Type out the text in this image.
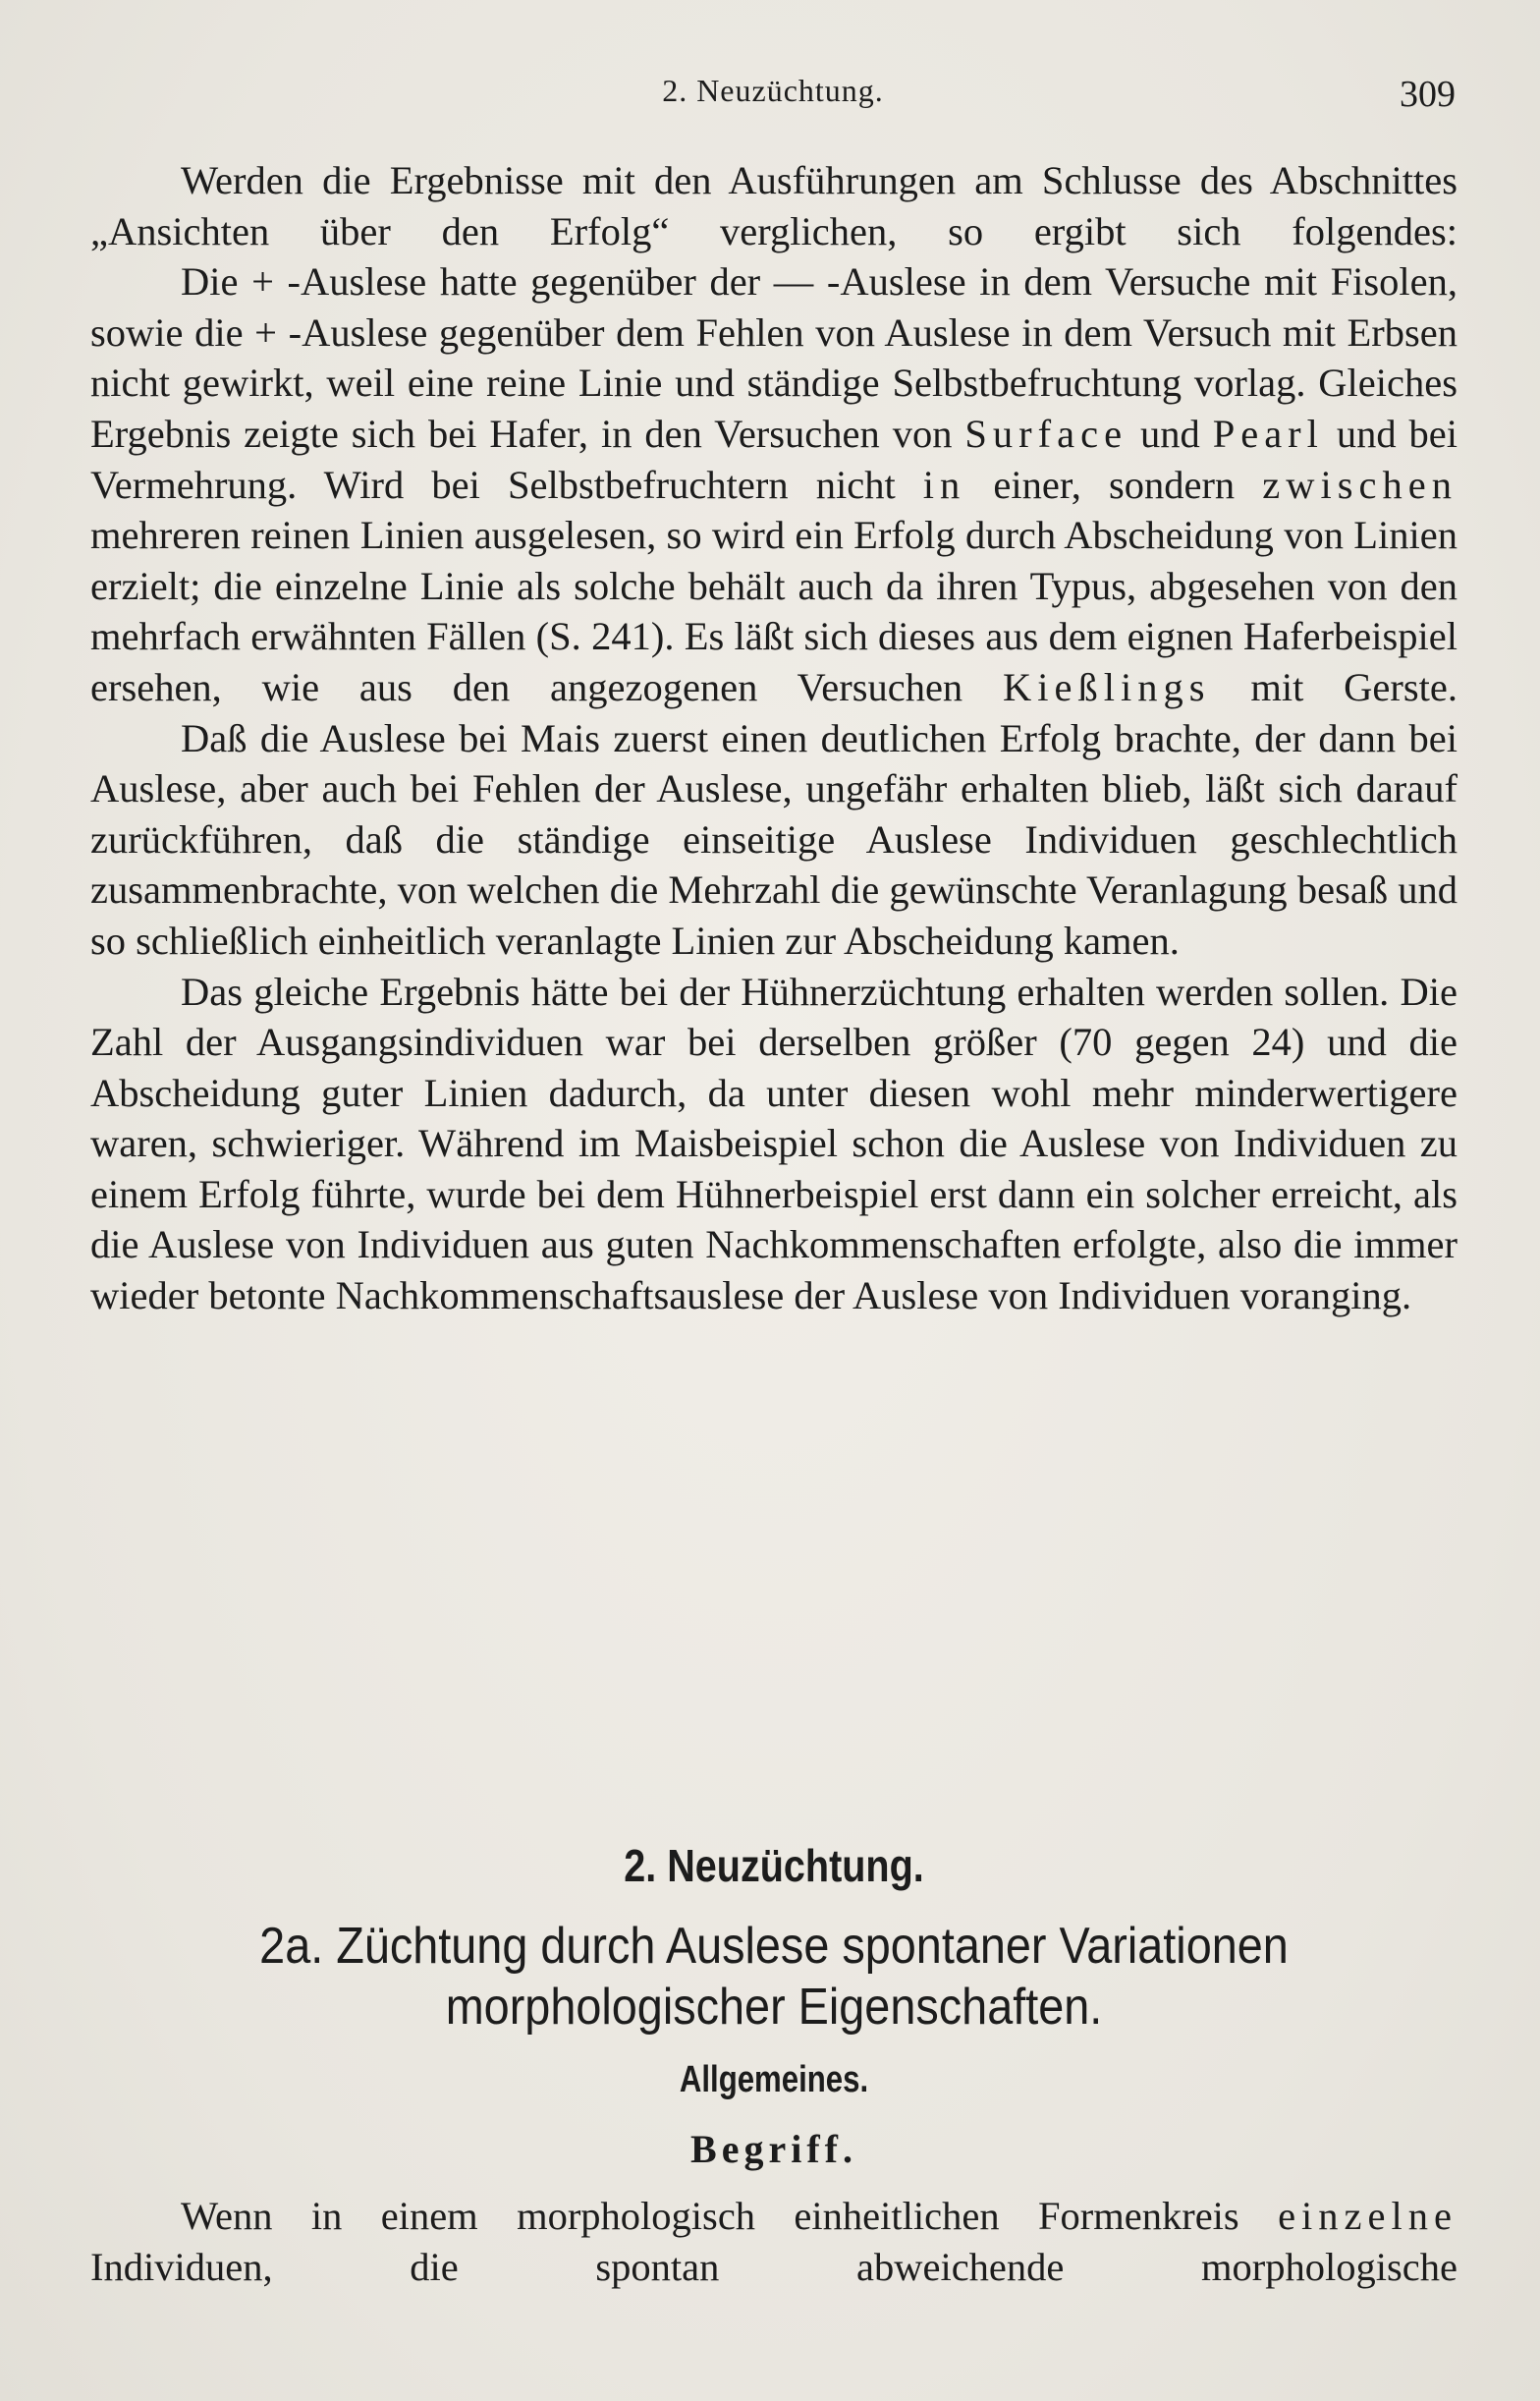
2. Neuzüchtung.	309

Werden die Ergebnisse mit den Ausführungen am Schlusse des Abschnittes „Ansichten über den Erfolg“ verglichen, so ergibt sich folgendes:

Die + -Auslese hatte gegenüber der — -Auslese in dem Versuche mit Fisolen, sowie die + -Auslese gegenüber dem Fehlen von Auslese in dem Versuch mit Erbsen nicht gewirkt, weil eine reine Linie und ständige Selbstbefruchtung vorlag. Gleiches Ergebnis zeigte sich bei Hafer, in den Versuchen von Surface und Pearl und bei Vermehrung. Wird bei Selbstbefruchtern nicht in einer, sondern zwischen mehreren reinen Linien ausgelesen, so wird ein Erfolg durch Abscheidung von Linien erzielt; die einzelne Linie als solche behält auch da ihren Typus, abgesehen von den mehrfach erwähnten Fällen (S. 241). Es läßt sich dieses aus dem eignen Haferbeispiel ersehen, wie aus den angezogenen Versuchen Kießlings mit Gerste.

Daß die Auslese bei Mais zuerst einen deutlichen Erfolg brachte, der dann bei Auslese, aber auch bei Fehlen der Auslese, ungefähr erhalten blieb, läßt sich darauf zurückführen, daß die ständige einseitige Auslese Individuen geschlechtlich zusammenbrachte, von welchen die Mehrzahl die gewünschte Veranlagung besaß und so schließlich einheitlich veranlagte Linien zur Abscheidung kamen.

Das gleiche Ergebnis hätte bei der Hühnerzüchtung erhalten werden sollen. Die Zahl der Ausgangsindividuen war bei derselben größer (70 gegen 24) und die Abscheidung guter Linien dadurch, da unter diesen wohl mehr minderwertigere waren, schwieriger. Während im Maisbeispiel schon die Auslese von Individuen zu einem Erfolg führte, wurde bei dem Hühnerbeispiel erst dann ein solcher erreicht, als die Auslese von Individuen aus guten Nachkommenschaften erfolgte, also die immer wieder betonte Nachkommenschaftsauslese der Auslese von Individuen voranging.

2. Neuzüchtung.
2a. Züchtung durch Auslese spontaner Variationen
morphologischer Eigenschaften.
Allgemeines.
Begriff.

Wenn in einem morphologisch einheitlichen Formenkreis einzelne Individuen, die spontan abweichende morphologische
